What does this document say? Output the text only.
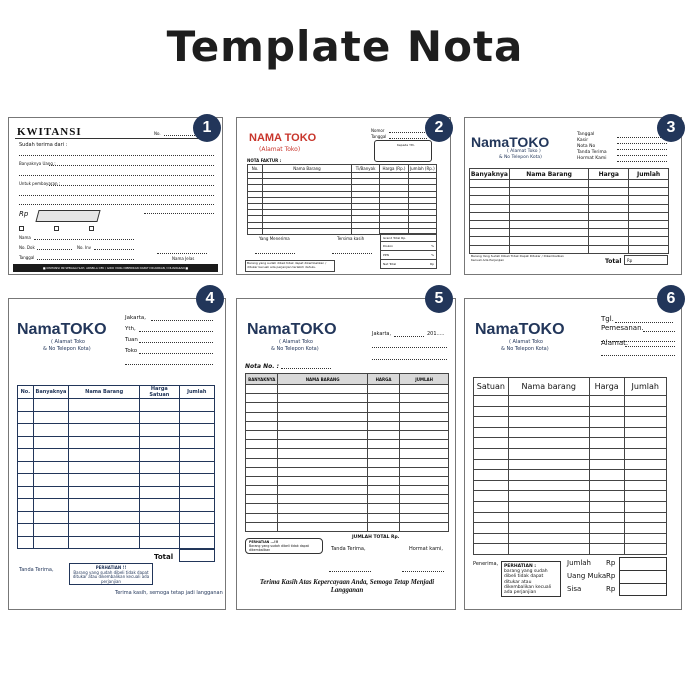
Template Nota
KWITANSI	No.
Sudah terima dari :
Banyaknya Uang :
Untuk pembayaran :
Rp
Nama
No. Dok	No. Inv
Tanggal	Nama Jelas
■ KWITANSI INI SEBAGAI SAH, APABILA CEK / GIRO YANG DIBERIKAN DAPAT DICAIRKAN / DIUANGKAN ■
1
NAMA TOKO
(Alamat Toko)
Nomor
Tanggal
Kepada Yth.
NOTA FAKTUR :
No.	Nama Barang	Ti/Banyak	Harga (Rp.)	Jumlah (Rp.)

Yang Menerima	Tersima kasih	Grand Total Rp.
Diskon	%
PPN	%
Net Total	Rp
Barang yang sudah dibeli tidak dapat dikembalikan / ditukar kecuali ada perjanjian terlebih dahulu.
2
NamaTOKO
( Alamat Toko )
& No Telepon Kota)
Tanggal
Kasir
Nota No
Tanda Terima
Hormat Kami
Banyaknya	Nama Barang	Harga	Jumlah

Barang Yang Sudah Dibeli Tidak Dapat Ditukar / Dikembalikan Kecuali Ada Perjanjian	Total	Rp
3
NamaTOKO
( Alamat Toko
& No Telepon Kota)
Jakarta,
Yth,
Tuan
Toko
No.	Banyaknya	Nama Barang	Harga Satuan	Jumlah

Total
Tanda Terima,	PERHATIAN !!
Barang yang sudah dibeli tidak dapat ditukar atau dikembalikan kecuali ada perjanjian
Terima kasih, semoga tetap jadi langganan
4
NamaTOKO
( Alamat Toko
& No Telepon Kota)
Jakarta,	201.....
Nota No. :
BANYAKNYA	NAMA BARANG	HARGA	JUMLAH

JUMLAH TOTAL Rp.
PERHATIAN ...!!!
Barang yang sudah dibeli tidak dapat dikembalikan	Tanda Terima,	Hormat kami,
Terima Kasih Atas Kepercayaan Anda, Semoga Tetap Menjadi Langganan
5
NamaTOKO
( Alamat Toko
& No Telepon Kota)
Tgl.
Pemesanan.
Alamat.
Satuan	Nama barang	Harga	Jumlah

Penerima, PERHATIAN :
barang yang sudah dibeli tidak dapat ditukar atau dikembalikan kecuali ada perjanjian
Jumlah
Uang Muka
Sisa
Rp
Rp
Rp
6
